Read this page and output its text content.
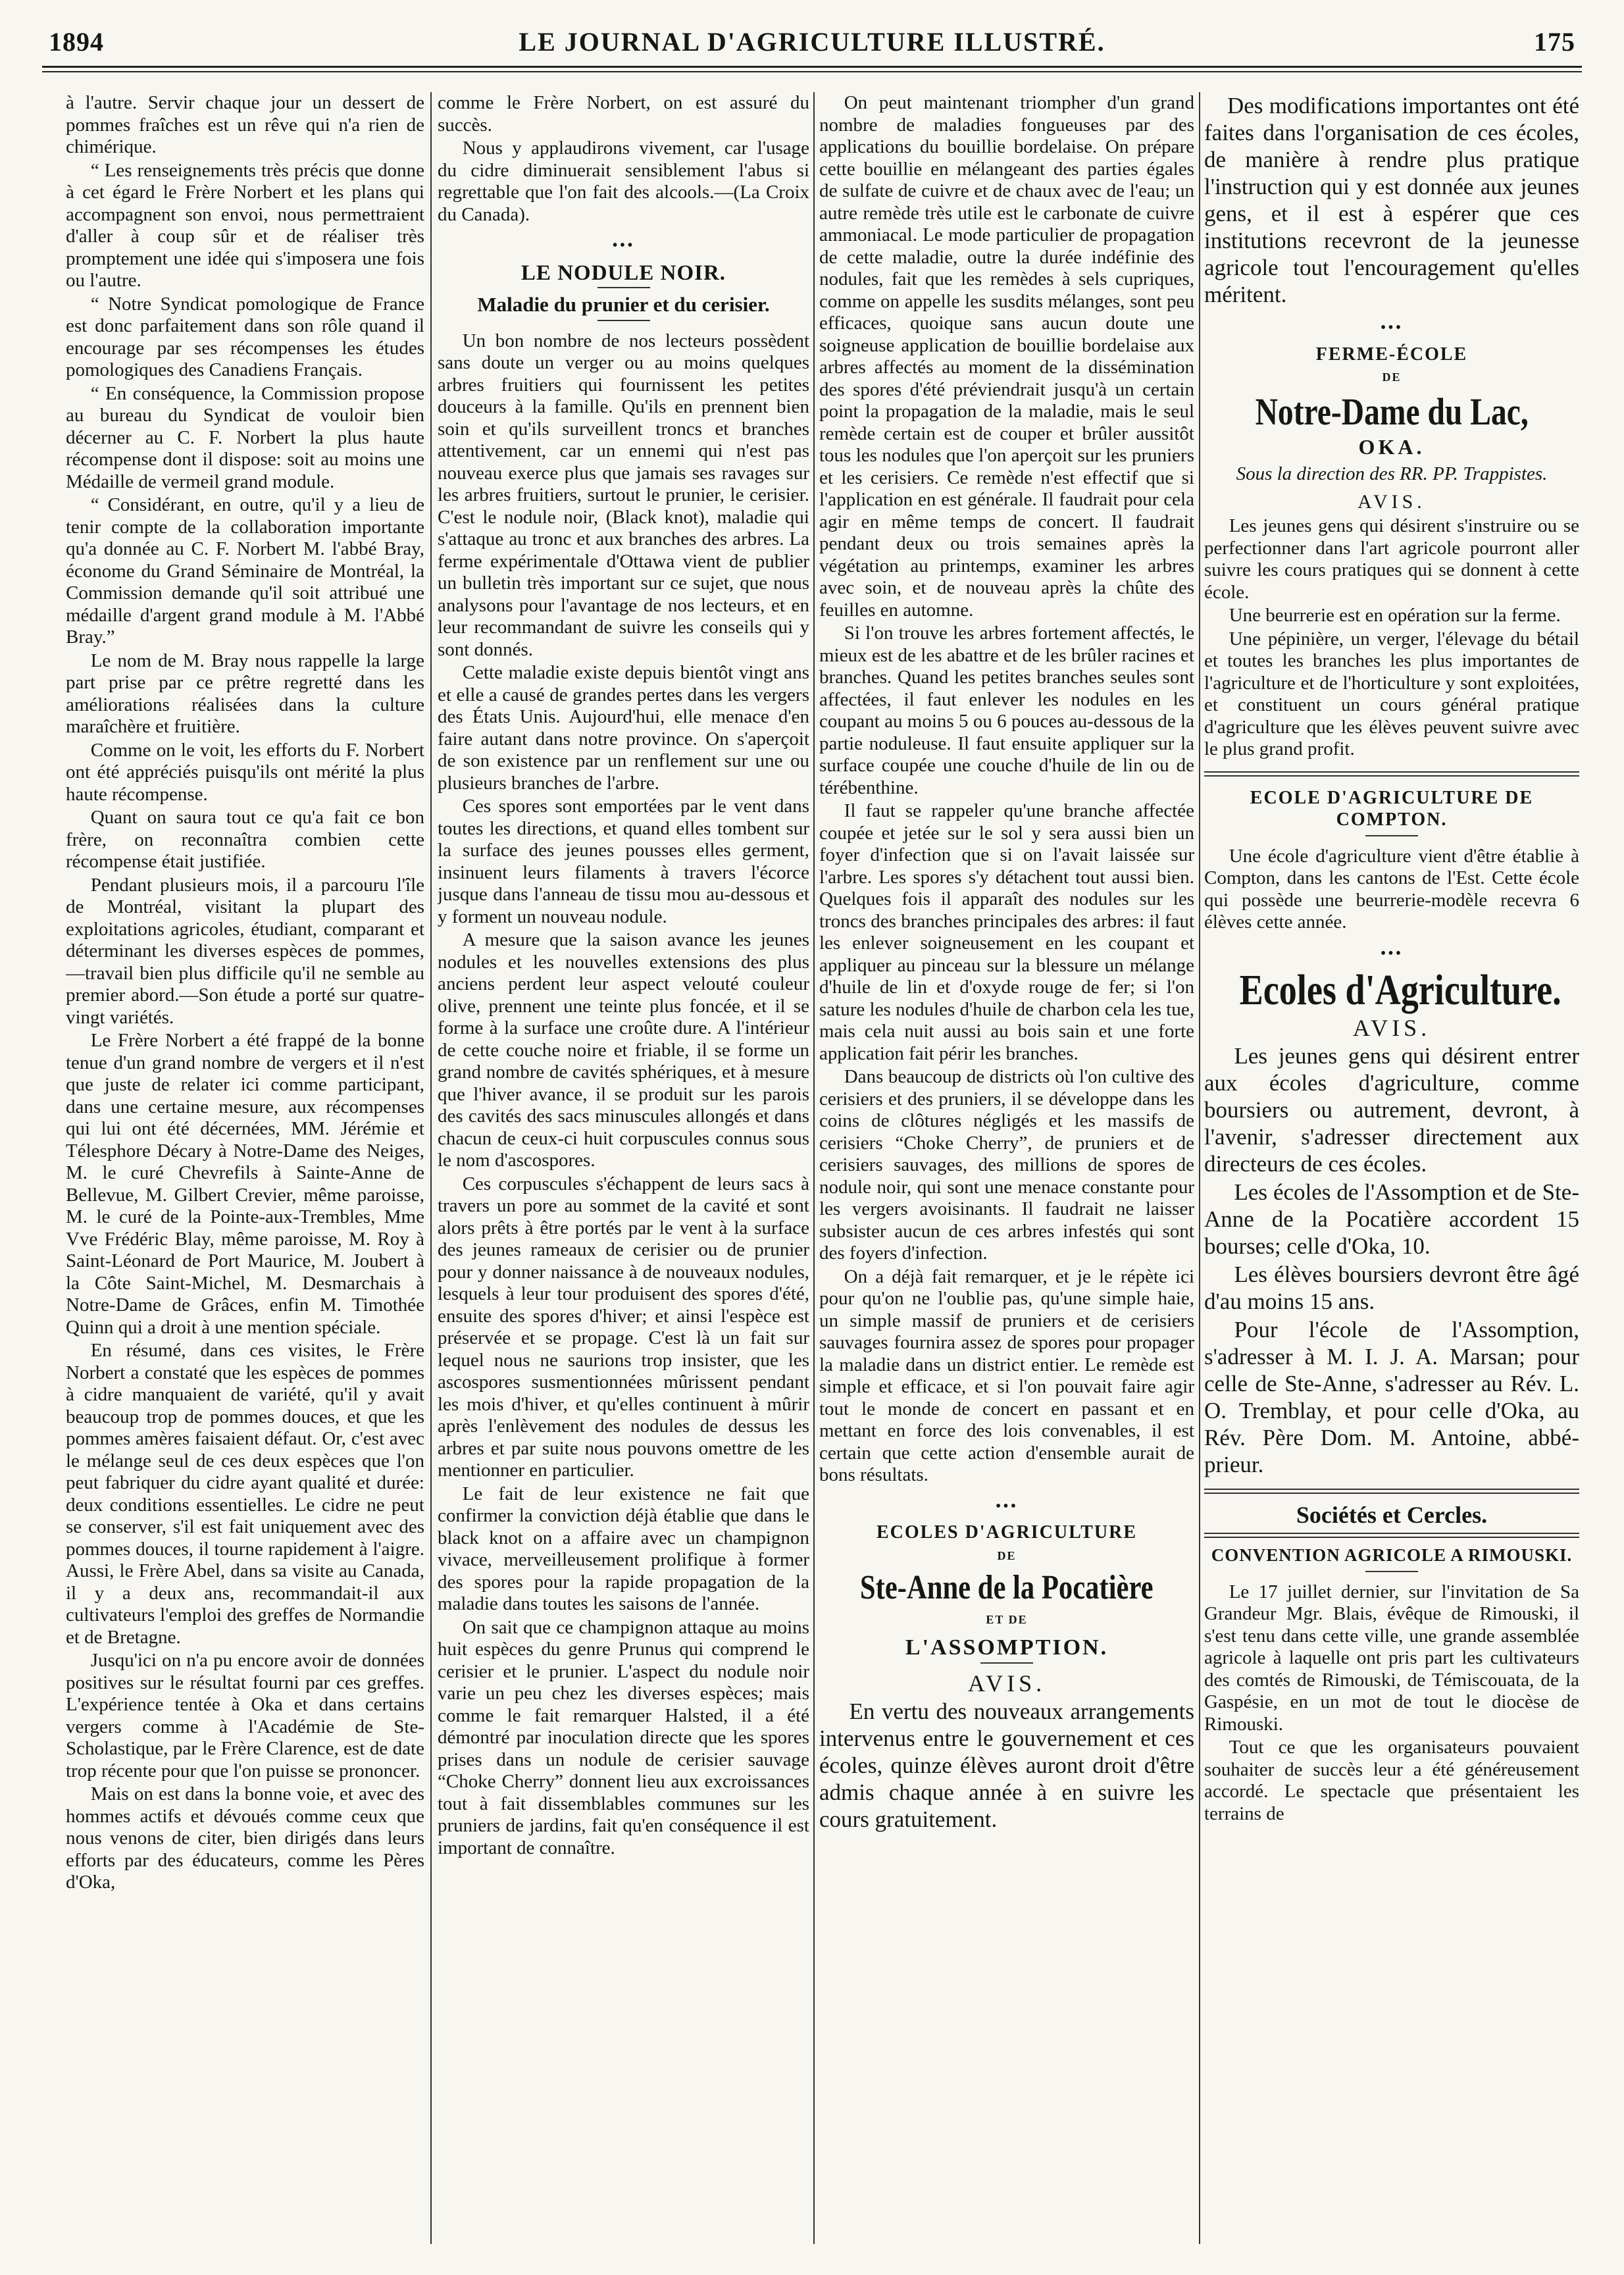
1894	LE JOURNAL D'AGRICULTURE ILLUSTRÉ.	175

à l'autre. Servir chaque jour un dessert de pommes fraîches est un rêve qui n'a rien de chimérique.

“ Les renseignements très précis que donne à cet égard le Frère Norbert et les plans qui accompagnent son envoi, nous permettraient d'aller à coup sûr et de réaliser très promptement une idée qui s'imposera une fois ou l'autre.

“ Notre Syndicat pomologique de France est donc parfaitement dans son rôle quand il encourage par ses récompenses les études pomologiques des Canadiens Français.

“ En conséquence, la Commission propose au bureau du Syndicat de vouloir bien décerner au C. F. Norbert la plus haute récompense dont il dispose: soit au moins une Médaille de vermeil grand module.

“ Considérant, en outre, qu'il y a lieu de tenir compte de la collaboration importante qu'a donnée au C. F. Norbert M. l'abbé Bray, économe du Grand Séminaire de Montréal, la Commission demande qu'il soit attribué une médaille d'argent grand module à M. l'Abbé Bray.”

Le nom de M. Bray nous rappelle la large part prise par ce prêtre regretté dans les améliorations réalisées dans la culture maraîchère et fruitière.

Comme on le voit, les efforts du F. Norbert ont été appréciés puisqu'ils ont mérité la plus haute récompense.

Quant on saura tout ce qu'a fait ce bon frère, on reconnaîtra combien cette récompense était justifiée.

Pendant plusieurs mois, il a parcouru l'île de Montréal, visitant la plupart des exploitations agricoles, étudiant, comparant et déterminant les diverses espèces de pommes,—travail bien plus difficile qu'il ne semble au premier abord.—Son étude a porté sur quatre-vingt variétés.

Le Frère Norbert a été frappé de la bonne tenue d'un grand nombre de vergers et il n'est que juste de relater ici comme participant, dans une certaine mesure, aux récompenses qui lui ont été décernées, MM. Jérémie et Télesphore Décary à Notre-Dame des Neiges, M. le curé Chevrefils à Sainte-Anne de Bellevue, M. Gilbert Crevier, même paroisse, M. le curé de la Pointe-aux-Trembles, Mme Vve Frédéric Blay, même paroisse, M. Roy à Saint-Léonard de Port Maurice, M. Joubert à la Côte Saint-Michel, M. Desmarchais à Notre-Dame de Grâces, enfin M. Timothée Quinn qui a droit à une mention spéciale.

En résumé, dans ces visites, le Frère Norbert a constaté que les espèces de pommes à cidre manquaient de variété, qu'il y avait beaucoup trop de pommes douces, et que les pommes amères faisaient défaut. Or, c'est avec le mélange seul de ces deux espèces que l'on peut fabriquer du cidre ayant qualité et durée: deux conditions essentielles. Le cidre ne peut se conserver, s'il est fait uniquement avec des pommes douces, il tourne rapidement à l'aigre. Aussi, le Frère Abel, dans sa visite au Canada, il y a deux ans, recommandait-il aux cultivateurs l'emploi des greffes de Normandie et de Bretagne.

Jusqu'ici on n'a pu encore avoir de données positives sur le résultat fourni par ces greffes. L'expérience tentée à Oka et dans certains vergers comme à l'Académie de Ste-Scholastique, par le Frère Clarence, est de date trop récente pour que l'on puisse se prononcer.

Mais on est dans la bonne voie, et avec des hommes actifs et dévoués comme ceux que nous venons de citer, bien dirigés dans leurs efforts par des éducateurs, comme les Pères d'Oka,

comme le Frère Norbert, on est assuré du succès.

Nous y applaudirons vivement, car l'usage du cidre diminuerait sensiblement l'abus si regrettable que l'on fait des alcools.—(La Croix du Canada).

•••
LE NODULE NOIR.
Maladie du prunier et du cerisier.

Un bon nombre de nos lecteurs possèdent sans doute un verger ou au moins quelques arbres fruitiers qui fournissent les petites douceurs à la famille. Qu'ils en prennent bien soin et qu'ils surveillent troncs et branches attentivement, car un ennemi qui n'est pas nouveau exerce plus que jamais ses ravages sur les arbres fruitiers, surtout le prunier, le cerisier. C'est le nodule noir, (Black knot), maladie qui s'attaque au tronc et aux branches des arbres. La ferme expérimentale d'Ottawa vient de publier un bulletin très important sur ce sujet, que nous analysons pour l'avantage de nos lecteurs, et en leur recommandant de suivre les conseils qui y sont donnés.

Cette maladie existe depuis bientôt vingt ans et elle a causé de grandes pertes dans les vergers des États Unis. Aujourd'hui, elle menace d'en faire autant dans notre province. On s'aperçoit de son existence par un renflement sur une ou plusieurs branches de l'arbre.

Ces spores sont emportées par le vent dans toutes les directions, et quand elles tombent sur la surface des jeunes pousses elles germent, insinuent leurs filaments à travers l'écorce jusque dans l'anneau de tissu mou au-dessous et y forment un nouveau nodule.

A mesure que la saison avance les jeunes nodules et les nouvelles extensions des plus anciens perdent leur aspect velouté couleur olive, prennent une teinte plus foncée, et il se forme à la surface une croûte dure. A l'intérieur de cette couche noire et friable, il se forme un grand nombre de cavités sphériques, et à mesure que l'hiver avance, il se produit sur les parois des cavités des sacs minuscules allongés et dans chacun de ceux-ci huit corpuscules connus sous le nom d'ascospores.

Ces corpuscules s'échappent de leurs sacs à travers un pore au sommet de la cavité et sont alors prêts à être portés par le vent à la surface des jeunes rameaux de cerisier ou de prunier pour y donner naissance à de nouveaux nodules, lesquels à leur tour produisent des spores d'été, ensuite des spores d'hiver; et ainsi l'espèce est préservée et se propage. C'est là un fait sur lequel nous ne saurions trop insister, que les ascospores susmentionnées mûrissent pendant les mois d'hiver, et qu'elles continuent à mûrir après l'enlèvement des nodules de dessus les arbres et par suite nous pouvons omettre de les mentionner en particulier.

Le fait de leur existence ne fait que confirmer la conviction déjà établie que dans le black knot on a affaire avec un champignon vivace, merveilleusement prolifique à former des spores pour la rapide propagation de la maladie dans toutes les saisons de l'année.

On sait que ce champignon attaque au moins huit espèces du genre Prunus qui comprend le cerisier et le prunier. L'aspect du nodule noir varie un peu chez les diverses espèces; mais comme le fait remarquer Halsted, il a été démontré par inoculation directe que les spores prises dans un nodule de cerisier sauvage “Choke Cherry” donnent lieu aux excroissances tout à fait dissemblables communes sur les pruniers de jardins, fait qu'en conséquence il est important de connaître.

On peut maintenant triompher d'un grand nombre de maladies fongueuses par des applications du bouillie bordelaise. On prépare cette bouillie en mélangeant des parties égales de sulfate de cuivre et de chaux avec de l'eau; un autre remède très utile est le carbonate de cuivre ammoniacal. Le mode particulier de propagation de cette maladie, outre la durée indéfinie des nodules, fait que les remèdes à sels cupriques, comme on appelle les susdits mélanges, sont peu efficaces, quoique sans aucun doute une soigneuse application de bouillie bordelaise aux arbres affectés au moment de la dissémination des spores d'été préviendrait jusqu'à un certain point la propagation de la maladie, mais le seul remède certain est de couper et brûler aussitôt tous les nodules que l'on aperçoit sur les pruniers et les cerisiers. Ce remède n'est effectif que si l'application en est générale. Il faudrait pour cela agir en même temps de concert. Il faudrait pendant deux ou trois semaines après la végétation au printemps, examiner les arbres avec soin, et de nouveau après la chûte des feuilles en automne.

Si l'on trouve les arbres fortement affectés, le mieux est de les abattre et de les brûler racines et branches. Quand les petites branches seules sont affectées, il faut enlever les nodules en les coupant au moins 5 ou 6 pouces au-dessous de la partie noduleuse. Il faut ensuite appliquer sur la surface coupée une couche d'huile de lin ou de térébenthine.

Il faut se rappeler qu'une branche affectée coupée et jetée sur le sol y sera aussi bien un foyer d'infection que si on l'avait laissée sur l'arbre. Les spores s'y détachent tout aussi bien. Quelques fois il apparaît des nodules sur les troncs des branches principales des arbres: il faut les enlever soigneusement en les coupant et appliquer au pinceau sur la blessure un mélange d'huile de lin et d'oxyde rouge de fer; si l'on sature les nodules d'huile de charbon cela les tue, mais cela nuit aussi au bois sain et une forte application fait périr les branches.

Dans beaucoup de districts où l'on cultive des cerisiers et des pruniers, il se développe dans les coins de clôtures négligés et les massifs de cerisiers “Choke Cherry”, de pruniers et de cerisiers sauvages, des millions de spores de nodule noir, qui sont une menace constante pour les vergers avoisinants. Il faudrait ne laisser subsister aucun de ces arbres infestés qui sont des foyers d'infection.

On a déjà fait remarquer, et je le répète ici pour qu'on ne l'oublie pas, qu'une simple haie, un simple massif de pruniers et de cerisiers sauvages fournira assez de spores pour propager la maladie dans un district entier. Le remède est simple et efficace, et si l'on pouvait faire agir tout le monde de concert en passant et en mettant en force des lois convenables, il est certain que cette action d'ensemble aurait de bons résultats.

•••
ECOLES D'AGRICULTURE
DE
Ste-Anne de la Pocatière
ET DE
L'ASSOMPTION.
AVIS.

En vertu des nouveaux arrangements intervenus entre le gouvernement et ces écoles, quinze élèves auront droit d'être admis chaque année à en suivre les cours gratuitement.

Des modifications importantes ont été faites dans l'organisation de ces écoles, de manière à rendre plus pratique l'instruction qui y est donnée aux jeunes gens, et il est à espérer que ces institutions recevront de la jeunesse agricole tout l'encouragement qu'elles méritent.

•••
FERME-ÉCOLE
DE
Notre-Dame du Lac,
OKA.
Sous la direction des RR. PP. Trappistes.
AVIS.

Les jeunes gens qui désirent s'instruire ou se perfectionner dans l'art agricole pourront aller suivre les cours pratiques qui se donnent à cette école.

Une beurrerie est en opération sur la ferme.

Une pépinière, un verger, l'élevage du bétail et toutes les branches les plus importantes de l'agriculture et de l'horticulture y sont exploitées, et constituent un cours général pratique d'agriculture que les élèves peuvent suivre avec le plus grand profit.

ECOLE D'AGRICULTURE DE COMPTON.

Une école d'agriculture vient d'être établie à Compton, dans les cantons de l'Est. Cette école qui possède une beurrerie-modèle recevra 6 élèves cette année.

•••
Ecoles d'Agriculture.
AVIS.

Les jeunes gens qui désirent entrer aux écoles d'agriculture, comme boursiers ou autrement, devront, à l'avenir, s'adresser directement aux directeurs de ces écoles.

Les écoles de l'Assomption et de Ste-Anne de la Pocatière accordent 15 bourses; celle d'Oka, 10.

Les élèves boursiers devront être âgé d'au moins 15 ans.

Pour l'école de l'Assomption, s'adresser à M. I. J. A. Marsan; pour celle de Ste-Anne, s'adresser au Rév. L. O. Tremblay, et pour celle d'Oka, au Rév. Père Dom. M. Antoine, abbé-prieur.

Sociétés et Cercles.
CONVENTION AGRICOLE A RIMOUSKI.

Le 17 juillet dernier, sur l'invitation de Sa Grandeur Mgr. Blais, évêque de Rimouski, il s'est tenu dans cette ville, une grande assemblée agricole à laquelle ont pris part les cultivateurs des comtés de Rimouski, de Témiscouata, de la Gaspésie, en un mot de tout le diocèse de Rimouski.

Tout ce que les organisateurs pouvaient souhaiter de succès leur a été généreusement accordé. Le spectacle que présentaient les terrains de
